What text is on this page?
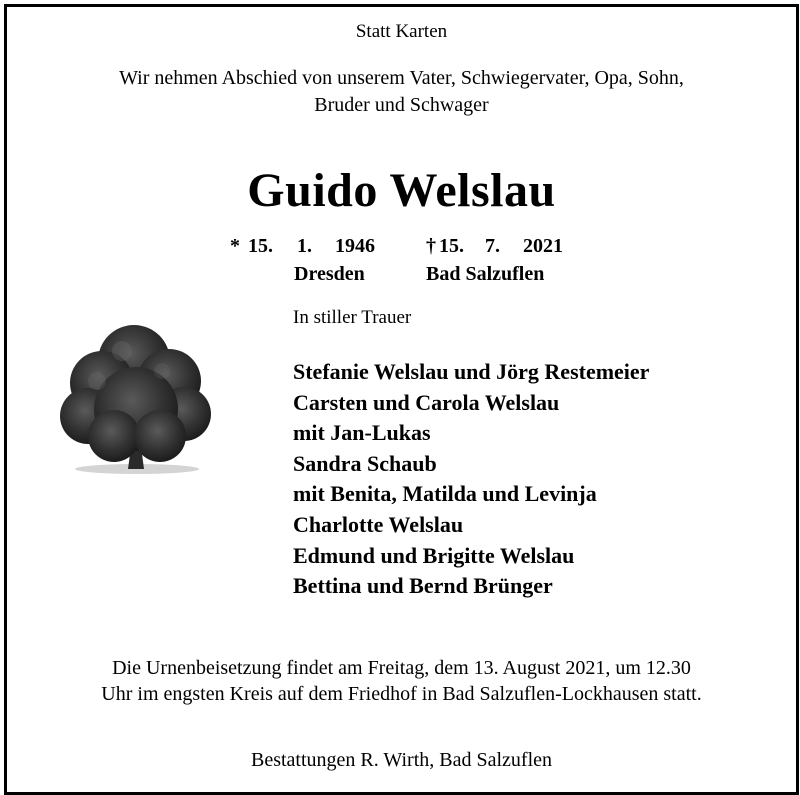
Statt Karten
Wir nehmen Abschied von unserem Vater, Schwiegervater, Opa, Sohn,
Bruder und Schwager
Guido Welslau
* 15. 1. 1946	† 15. 7. 2021
Dresden	Bad Salzuflen
In stiller Trauer
Stefanie Welslau und Jörg Restemeier
Carsten und Carola Welslau
mit Jan-Lukas
Sandra Schaub
mit Benita, Matilda und Levinja
Charlotte Welslau
Edmund und Brigitte Welslau
Bettina und Bernd Brünger
Die Urnenbeisetzung findet am Freitag, dem 13. August 2021, um 12.30
Uhr im engsten Kreis auf dem Friedhof in Bad Salzuflen-Lockhausen statt.
Bestattungen R. Wirth, Bad Salzuflen
